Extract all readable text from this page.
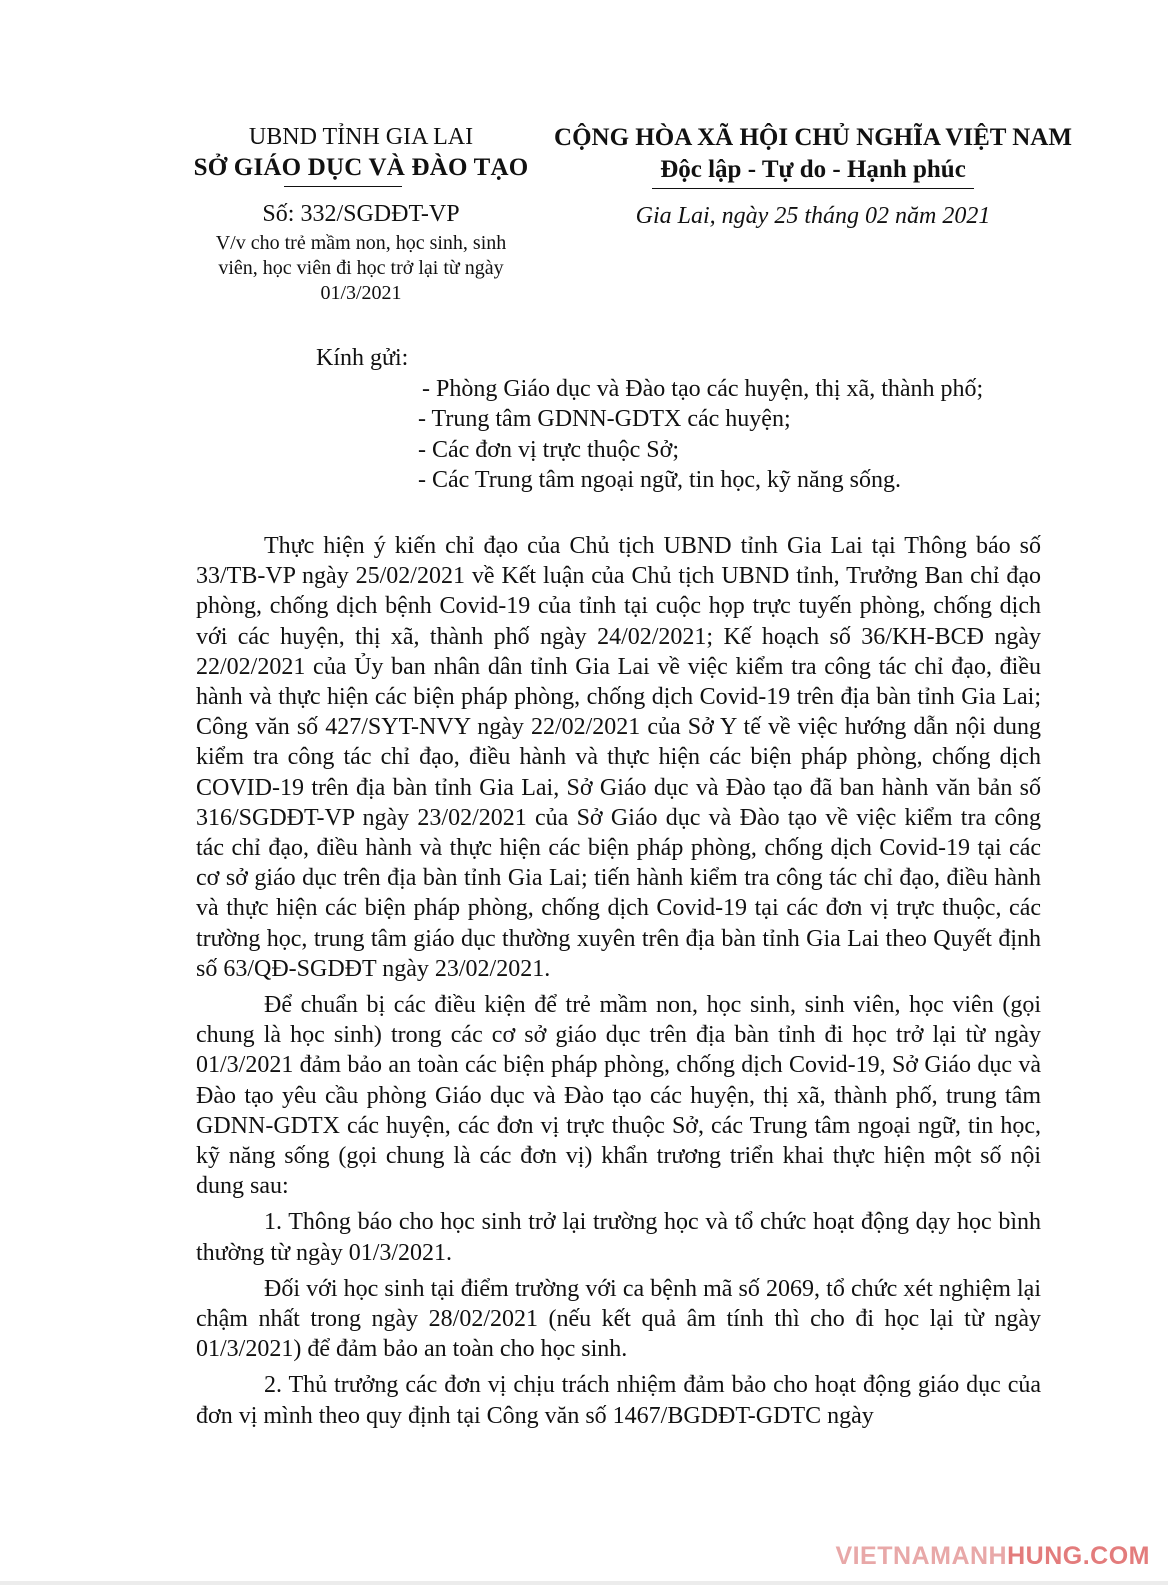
UBND TỈNH GIA LAI
SỞ GIÁO DỤC VÀ ĐÀO TẠO
Số: 332/SGDĐT-VP
V/v cho trẻ mầm non, học sinh, sinh viên, học viên đi học trở lại từ ngày 01/3/2021
CỘNG HÒA XÃ HỘI CHỦ NGHĨA VIỆT NAM
Độc lập - Tự do - Hạnh phúc
Gia Lai, ngày 25 tháng 02 năm 2021
Kính gửi:
- Phòng Giáo dục và Đào tạo các huyện, thị xã, thành phố;
- Trung tâm GDNN-GDTX các huyện;
- Các đơn vị trực thuộc Sở;
- Các Trung tâm ngoại ngữ, tin học, kỹ năng sống.

Thực hiện ý kiến chỉ đạo của Chủ tịch UBND tỉnh Gia Lai tại Thông báo số 33/TB-VP ngày 25/02/2021 về Kết luận của Chủ tịch UBND tỉnh, Trưởng Ban chỉ đạo phòng, chống dịch bệnh Covid-19 của tỉnh tại cuộc họp trực tuyến phòng, chống dịch với các huyện, thị xã, thành phố ngày 24/02/2021; Kế hoạch số 36/KH-BCĐ ngày 22/02/2021 của Ủy ban nhân dân tỉnh Gia Lai về việc kiểm tra công tác chỉ đạo, điều hành và thực hiện các biện pháp phòng, chống dịch Covid-19 trên địa bàn tỉnh Gia Lai; Công văn số 427/SYT-NVY ngày 22/02/2021 của Sở Y tế về việc hướng dẫn nội dung kiểm tra công tác chỉ đạo, điều hành và thực hiện các biện pháp phòng, chống dịch COVID-19 trên địa bàn tỉnh Gia Lai, Sở Giáo dục và Đào tạo đã ban hành văn bản số 316/SGDĐT-VP ngày 23/02/2021 của Sở Giáo dục và Đào tạo về việc kiểm tra công tác chỉ đạo, điều hành và thực hiện các biện pháp phòng, chống dịch Covid-19 tại các cơ sở giáo dục trên địa bàn tỉnh Gia Lai; tiến hành kiểm tra công tác chỉ đạo, điều hành và thực hiện các biện pháp phòng, chống dịch Covid-19 tại các đơn vị trực thuộc, các trường học, trung tâm giáo dục thường xuyên trên địa bàn tỉnh Gia Lai theo Quyết định số 63/QĐ-SGDĐT ngày 23/02/2021.

Để chuẩn bị các điều kiện để trẻ mầm non, học sinh, sinh viên, học viên (gọi chung là học sinh) trong các cơ sở giáo dục trên địa bàn tỉnh đi học trở lại từ ngày 01/3/2021 đảm bảo an toàn các biện pháp phòng, chống dịch Covid-19, Sở Giáo dục và Đào tạo yêu cầu phòng Giáo dục và Đào tạo các huyện, thị xã, thành phố, trung tâm GDNN-GDTX các huyện, các đơn vị trực thuộc Sở, các Trung tâm ngoại ngữ, tin học, kỹ năng sống (gọi chung là các đơn vị) khẩn trương triển khai thực hiện một số nội dung sau:

1. Thông báo cho học sinh trở lại trường học và tổ chức hoạt động dạy học bình thường từ ngày 01/3/2021.

Đối với học sinh tại điểm trường với ca bệnh mã số 2069, tổ chức xét nghiệm lại chậm nhất trong ngày 28/02/2021 (nếu kết quả âm tính thì cho đi học lại từ ngày 01/3/2021) để đảm bảo an toàn cho học sinh.

2. Thủ trưởng các đơn vị chịu trách nhiệm đảm bảo cho hoạt động giáo dục của đơn vị mình theo quy định tại Công văn số 1467/BGDĐT-GDTC ngày

VIETNAMANHHUNG.COM
